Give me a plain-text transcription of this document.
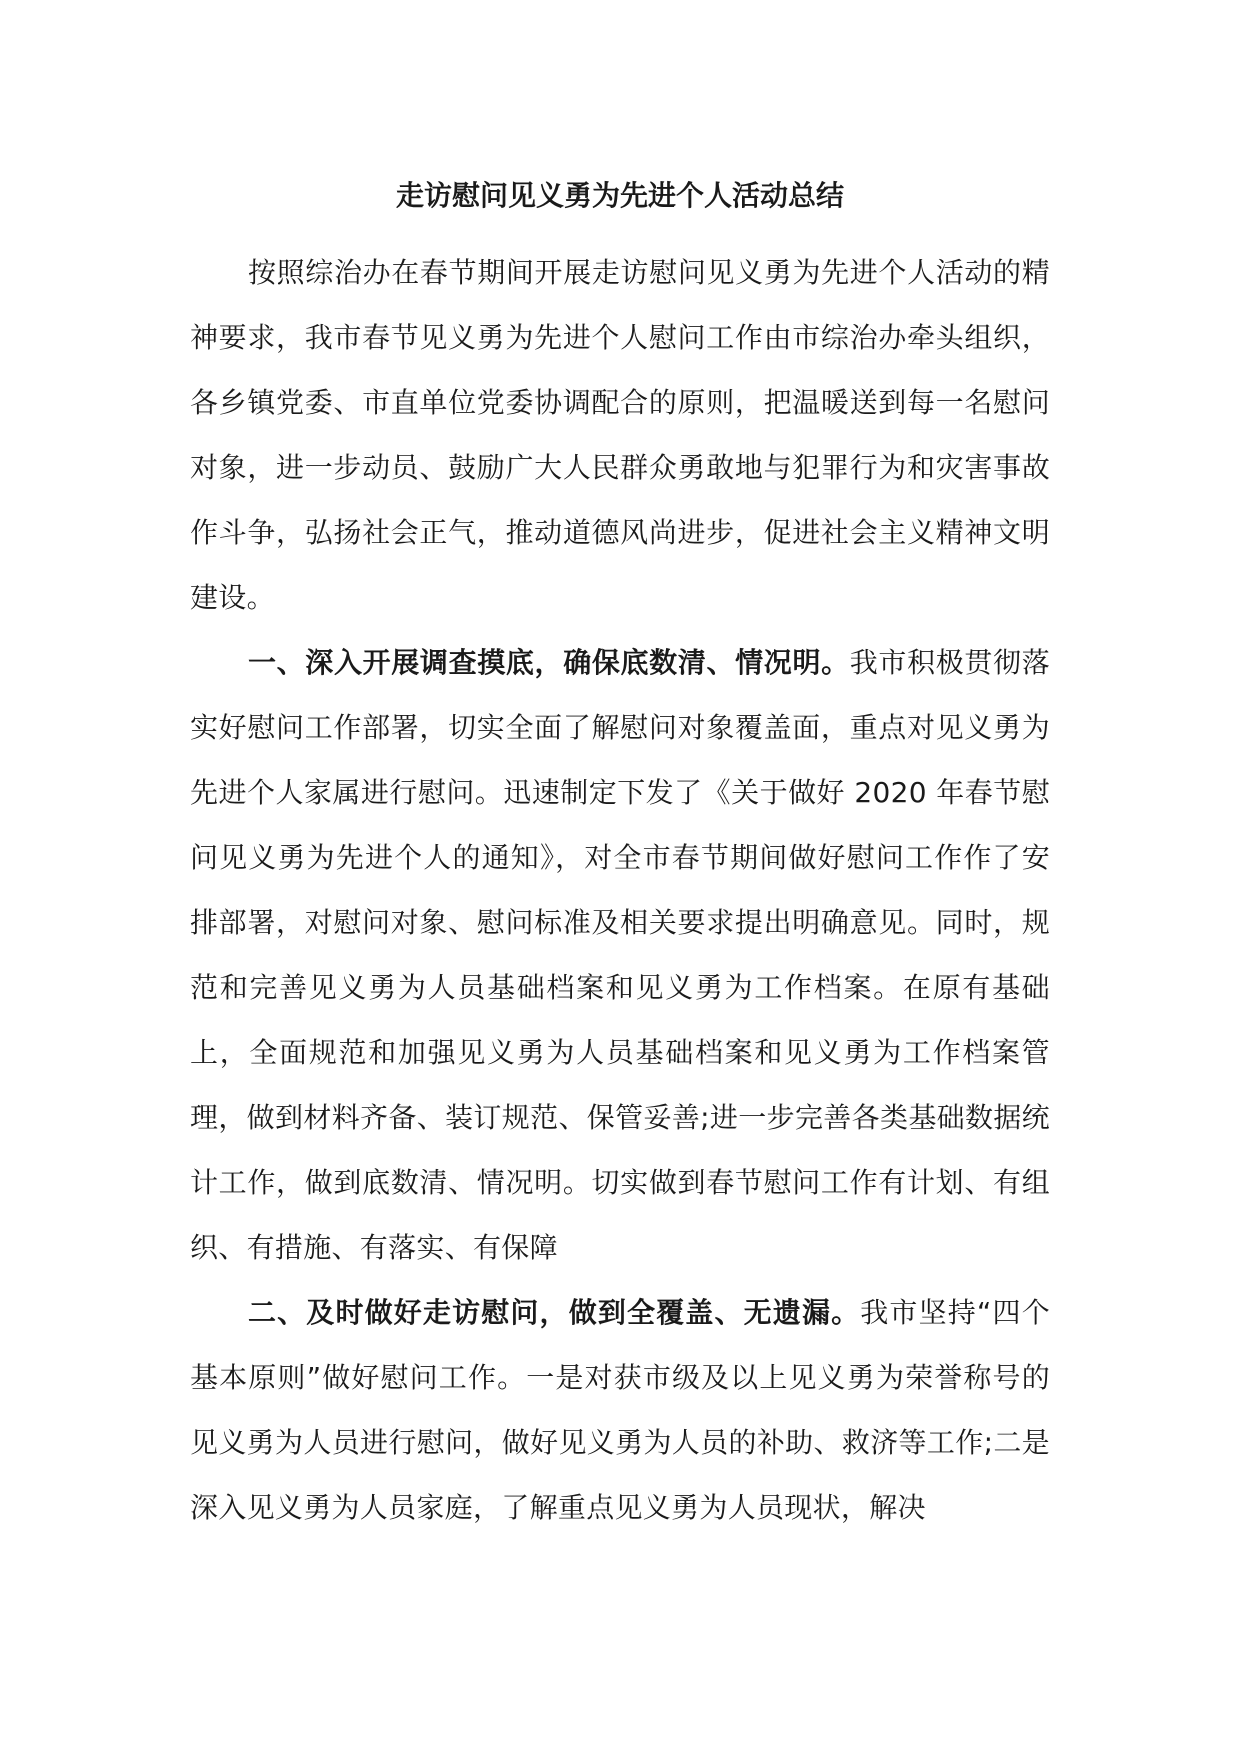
走访慰问见义勇为先进个人活动总结

按照综治办在春节期间开展走访慰问见义勇为先进个人活动的精神要求，我市春节见义勇为先进个人慰问工作由市综治办牵头组织，各乡镇党委、市直单位党委协调配合的原则，把温暖送到每一名慰问对象，进一步动员、鼓励广大人民群众勇敢地与犯罪行为和灾害事故作斗争，弘扬社会正气，推动道德风尚进步，促进社会主义精神文明建设。

一、深入开展调查摸底，确保底数清、情况明。我市积极贯彻落实好慰问工作部署，切实全面了解慰问对象覆盖面，重点对见义勇为先进个人家属进行慰问。迅速制定下发了《关于做好 2020 年春节慰问见义勇为先进个人的通知》，对全市春节期间做好慰问工作作了安排部署，对慰问对象、慰问标准及相关要求提出明确意见。同时，规范和完善见义勇为人员基础档案和见义勇为工作档案。在原有基础上，全面规范和加强见义勇为人员基础档案和见义勇为工作档案管理，做到材料齐备、装订规范、保管妥善;进一步完善各类基础数据统计工作，做到底数清、情况明。切实做到春节慰问工作有计划、有组织、有措施、有落实、有保障

二、及时做好走访慰问，做到全覆盖、无遗漏。我市坚持“四个基本原则”做好慰问工作。一是对获市级及以上见义勇为荣誉称号的见义勇为人员进行慰问，做好见义勇为人员的补助、救济等工作;二是深入见义勇为人员家庭，了解重点见义勇为人员现状，解决
